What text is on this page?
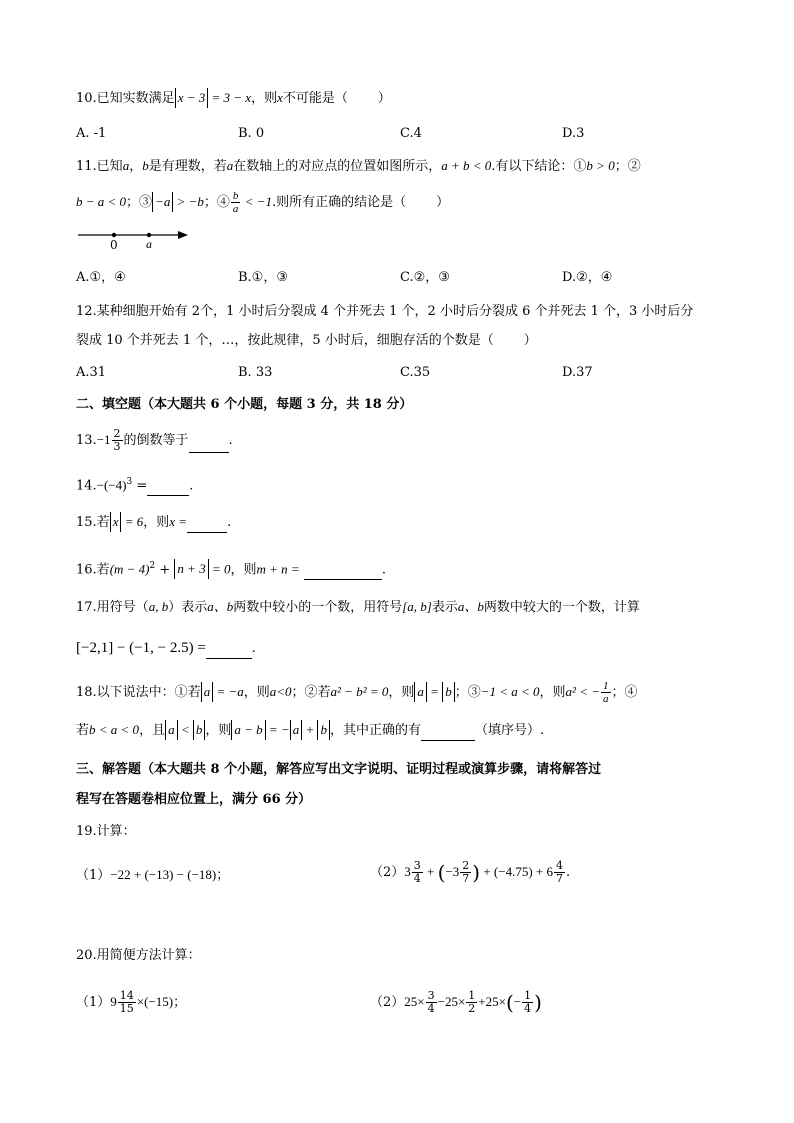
10.已知实数满足 x − 3 = 3 − x，则x不可能是（ ）
A. -1	B. 0	C.4	D.3
11.已知a，b是有理数，若a在数轴上的对应点的位置如图所示，a + b < 0.有以下结论：①b > 0；②
b − a < 0；③ −a > −b；④ $\frac{b}{a} < -1$.则所有正确的结论是（ ）
0 a
A.①，④	B.①，③	C.②，③	D.②，④
12.某种细胞开始有 2个，1 小时后分裂成 4 个并死去 1 个，2 小时后分裂成 6 个并死去 1 个，3 小时后分
裂成 10 个并死去 1 个，…，按此规律，5 小时后，细胞存活的个数是（ ）
A.31	B. 33	C.35	D.37
二、填空题（本大题共 6 个小题，每题 3 分，共 18 分）
$13.-1 \frac{2}{3}$ 的倒数等于	.
$14.-(-4)^3$ =	.
15.若 x = 6，则x =	.
16.若$(m - 4)^2 + n + 3 = 0$，则m + n =	.
17.用符号（a, b）表示a、b两数中较小的一个数，用符号[a, b]表示a、b两数中较大的一个数，计算
[−2,1] − (−1, − 2.5) =	.
18.以下说法中：①若 a = −a，则a<0；②若a² − b² = 0，则 a = b ；③−1 < a < 0，则a² < − $\frac{1}{a}$ ；④
若b < a < 0，且 a < b ，则 a − b = − a + b ，其中正确的有	（填序号）.
三、解答题（本大题共 8 个小题，解答应写出文字说明、证明过程或演算步骤，请将解答过
程写在答题卷相应位置上，满分 66 分）
19.计算：
（1）−22 + (−13) − (−18)；	$(2)3 \frac{3}{4} + (-3 \frac{2}{7}$ ) + $(-4.75) + 6 \frac{4}{7}$ .
20.用简便方法计算：
$(1)9 \frac{14}{15} \times(-15)$；	$(2)25\times \frac{3}{4} -25\times \frac{1}{2} +25\times(- \frac{1}{4}$ )
